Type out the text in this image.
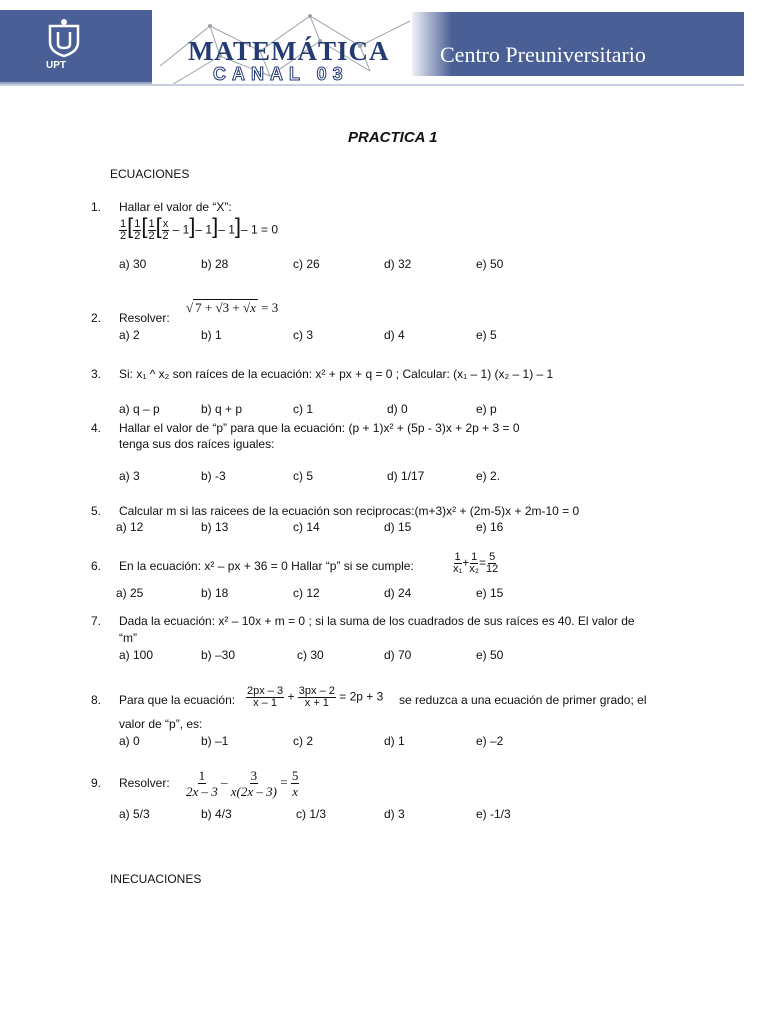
UPT	MATEMÁTICA
CANAL 03
Centro Preuniversitario
PRACTICA 1
ECUACIONES
1. Hallar el valor de “X”:
$\frac{1}{2}$ [ $\frac{1}{2}$ [ $\frac{1}{2}$ [ $\frac{x}{2} - 1]-$ 1]– 1]– 1 = 0
a) 30	b) 28	c) 26	d) 32	e) 50
2. Resolver:
√ 7 + √3 + √x = 3
a) 2	b) 1	c) 3	d) 4	e) 5
3. Si: x₁ ^ x₂ son raíces de la ecuación: x² + px + q = 0 ; Calcular: (x₁ – 1) (x₂ – 1) – 1
a) q – p	b) q + p	c) 1	d) 0	e) p
4. Hallar el valor de “p” para que la ecuación: (p + 1)x² + (5p - 3)x + 2p + 3 = 0
tenga sus dos raíces iguales:
a) 3	b) -3	c) 5	d) 1/17	e) 2.
5. Calcular m si las raicees de la ecuación son reciprocas:(m+3)x² + (2m-5)x + 2m-10 = 0
a) 12	b) 13	c) 14	d) 15	e) 16
6. En la ecuación: x² – px + 36 = 0 Hallar “p” si se cumple:	$\frac{1}{\text{x₁}} + \frac{1}{\text{x₂}} = \frac{5}{12}$
a) 25	b) 18	c) 12	d) 24	e) 15
7. Dada la ecuación: x² – 10x + m = 0 ; si la suma de los cuadrados de sus raíces es 40. El valor de
“m”
a) 100	b) –30	c) 30	d) 70	e) 50
8. Para que la ecuación: $\frac{2px - 3}{x - 1} + \frac{3px - 2}{x + 1} = 2p + 3$ se reduzca a una ecuación de primer grado; el
valor de “p”, es:
a) 0	b) –1	c) 2	d) 1	e) –2
9. Resolver: $\frac{1}{2x - 3} - \frac{3}{x(2x - 3)} = \frac{5}{x}$
a) 5/3	b) 4/3	c) 1/3	d) 3	e) -1/3
INECUACIONES
